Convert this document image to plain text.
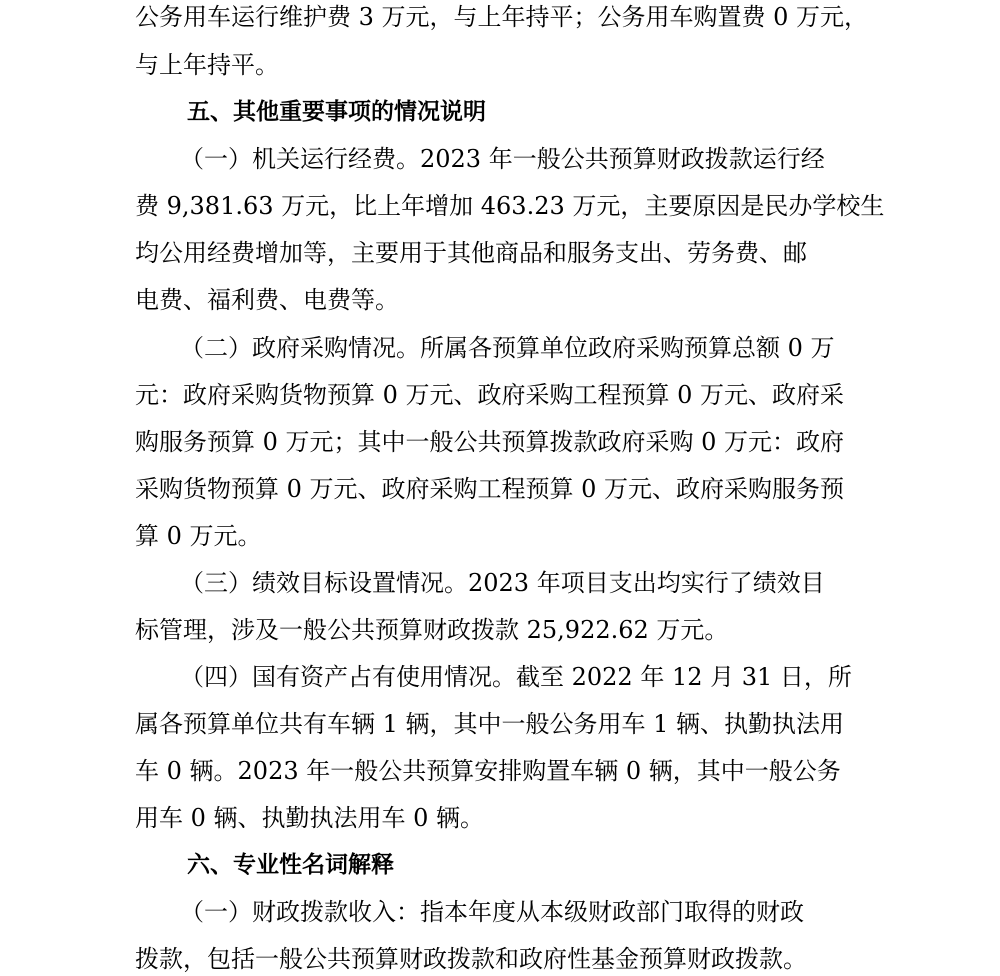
公务用车运行维护费 3 万元，与上年持平；公务用车购置费 0 万元，
与上年持平。
五、其他重要事项的情况说明
（一）机关运行经费。2023 年一般公共预算财政拨款运行经
费 9,381.63 万元，比上年增加 463.23 万元，主要原因是民办学校生
均公用经费增加等，主要用于其他商品和服务支出、劳务费、邮
电费、福利费、电费等。
（二）政府采购情况。所属各预算单位政府采购预算总额 0 万
元：政府采购货物预算 0 万元、政府采购工程预算 0 万元、政府采
购服务预算 0 万元；其中一般公共预算拨款政府采购 0 万元：政府
采购货物预算 0 万元、政府采购工程预算 0 万元、政府采购服务预
算 0 万元。
（三）绩效目标设置情况。2023 年项目支出均实行了绩效目
标管理，涉及一般公共预算财政拨款 25,922.62 万元。
（四）国有资产占有使用情况。截至 2022 年 12 月 31 日，所
属各预算单位共有车辆 1 辆，其中一般公务用车 1 辆、执勤执法用
车 0 辆。2023 年一般公共预算安排购置车辆 0 辆，其中一般公务
用车 0 辆、执勤执法用车 0 辆。
六、专业性名词解释
（一）财政拨款收入：指本年度从本级财政部门取得的财政
拨款，包括一般公共预算财政拨款和政府性基金预算财政拨款。
